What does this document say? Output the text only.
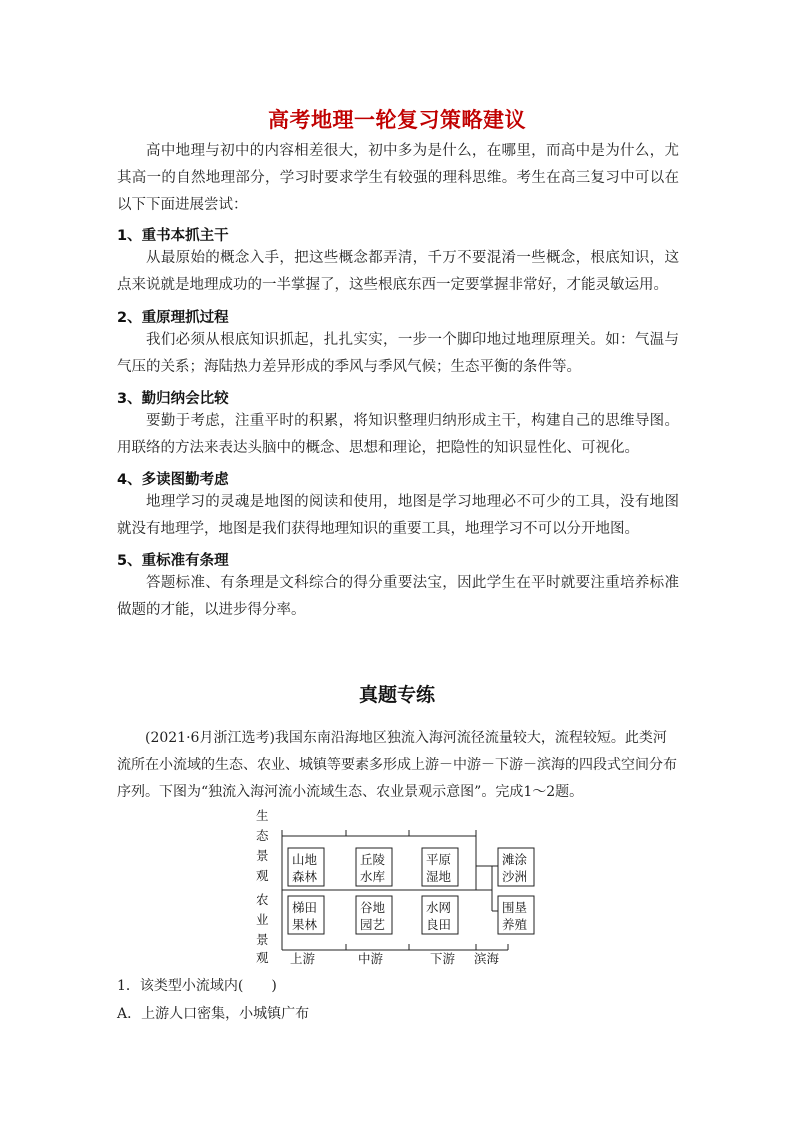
高考地理一轮复习策略建议

高中地理与初中的内容相差很大，初中多为是什么，在哪里，而高中是为什么，尤其高一的自然地理部分，学习时要求学生有较强的理科思维。考生在高三复习中可以在以下下面进展尝试：

1、重书本抓主干

从最原始的概念入手，把这些概念都弄清，千万不要混淆一些概念，根底知识，这点来说就是地理成功的一半掌握了，这些根底东西一定要掌握非常好，才能灵敏运用。

2、重原理抓过程

我们必须从根底知识抓起，扎扎实实，一步一个脚印地过地理原理关。如：气温与气压的关系；海陆热力差异形成的季风与季风气候；生态平衡的条件等。

3、勤归纳会比较

要勤于考虑，注重平时的积累，将知识整理归纳形成主干，构建自己的思维导图。用联络的方法来表达头脑中的概念、思想和理论，把隐性的知识显性化、可视化。

4、多读图勤考虑

地理学习的灵魂是地图的阅读和使用，地图是学习地理必不可少的工具，没有地图就没有地理学，地图是我们获得地理知识的重要工具，地理学习不可以分开地图。

5、重标准有条理

答题标准、有条理是文科综合的得分重要法宝，因此学生在平时就要注重培养标准做题的才能，以进步得分率。

真题专练

(2021·6月浙江选考)我国东南沿海地区独流入海河流径流量较大，流程较短。此类河流所在小流域的生态、农业、城镇等要素多形成上游－中游－下游－滨海的四段式空间分布序列。下图为“独流入海河流小流域生态、农业景观示意图”。完成1～2题。

生
态
景
观
农
业
景
观
山地
森林
丘陵
水库
平原
湿地
滩涂
沙洲
梯田
果林
谷地
园艺
水网
良田
围垦
养殖
上游	中游	下游 滨海

1．该类型小流域内(　　)

A．上游人口密集，小城镇广布
